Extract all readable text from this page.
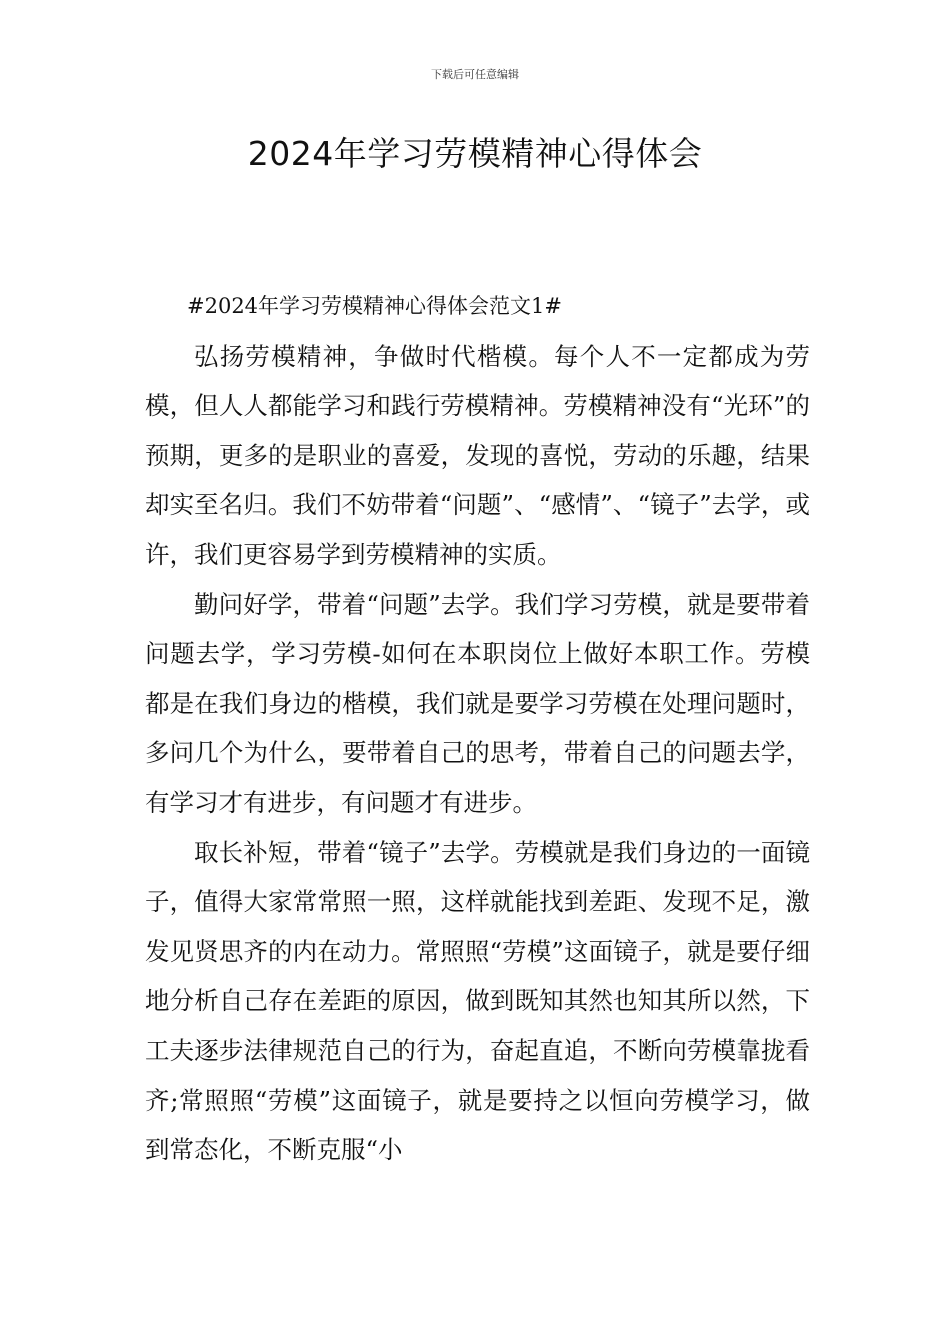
下载后可任意编辑
2024年学习劳模精神心得体会

#2024年学习劳模精神心得体会范文1#

弘扬劳模精神，争做时代楷模。每个人不一定都成为劳模，但人人都能学习和践行劳模精神。劳模精神没有“光环”的预期，更多的是职业的喜爱，发现的喜悦，劳动的乐趣，结果却实至名归。我们不妨带着“问题”、“感情”、“镜子”去学，或许，我们更容易学到劳模精神的实质。

勤问好学，带着“问题”去学。我们学习劳模，就是要带着问题去学，学习劳模-如何在本职岗位上做好本职工作。劳模都是在我们身边的楷模，我们就是要学习劳模在处理问题时，多问几个为什么，要带着自己的思考，带着自己的问题去学，有学习才有进步，有问题才有进步。

取长补短，带着“镜子”去学。劳模就是我们身边的一面镜子，值得大家常常照一照，这样就能找到差距、发现不足，激发见贤思齐的内在动力。常照照“劳模”这面镜子，就是要仔细地分析自己存在差距的原因，做到既知其然也知其所以然，下工夫逐步法律规范自己的行为，奋起直追，不断向劳模靠拢看齐;常照照“劳模”这面镜子，就是要持之以恒向劳模学习，做到常态化，不断克服“小
